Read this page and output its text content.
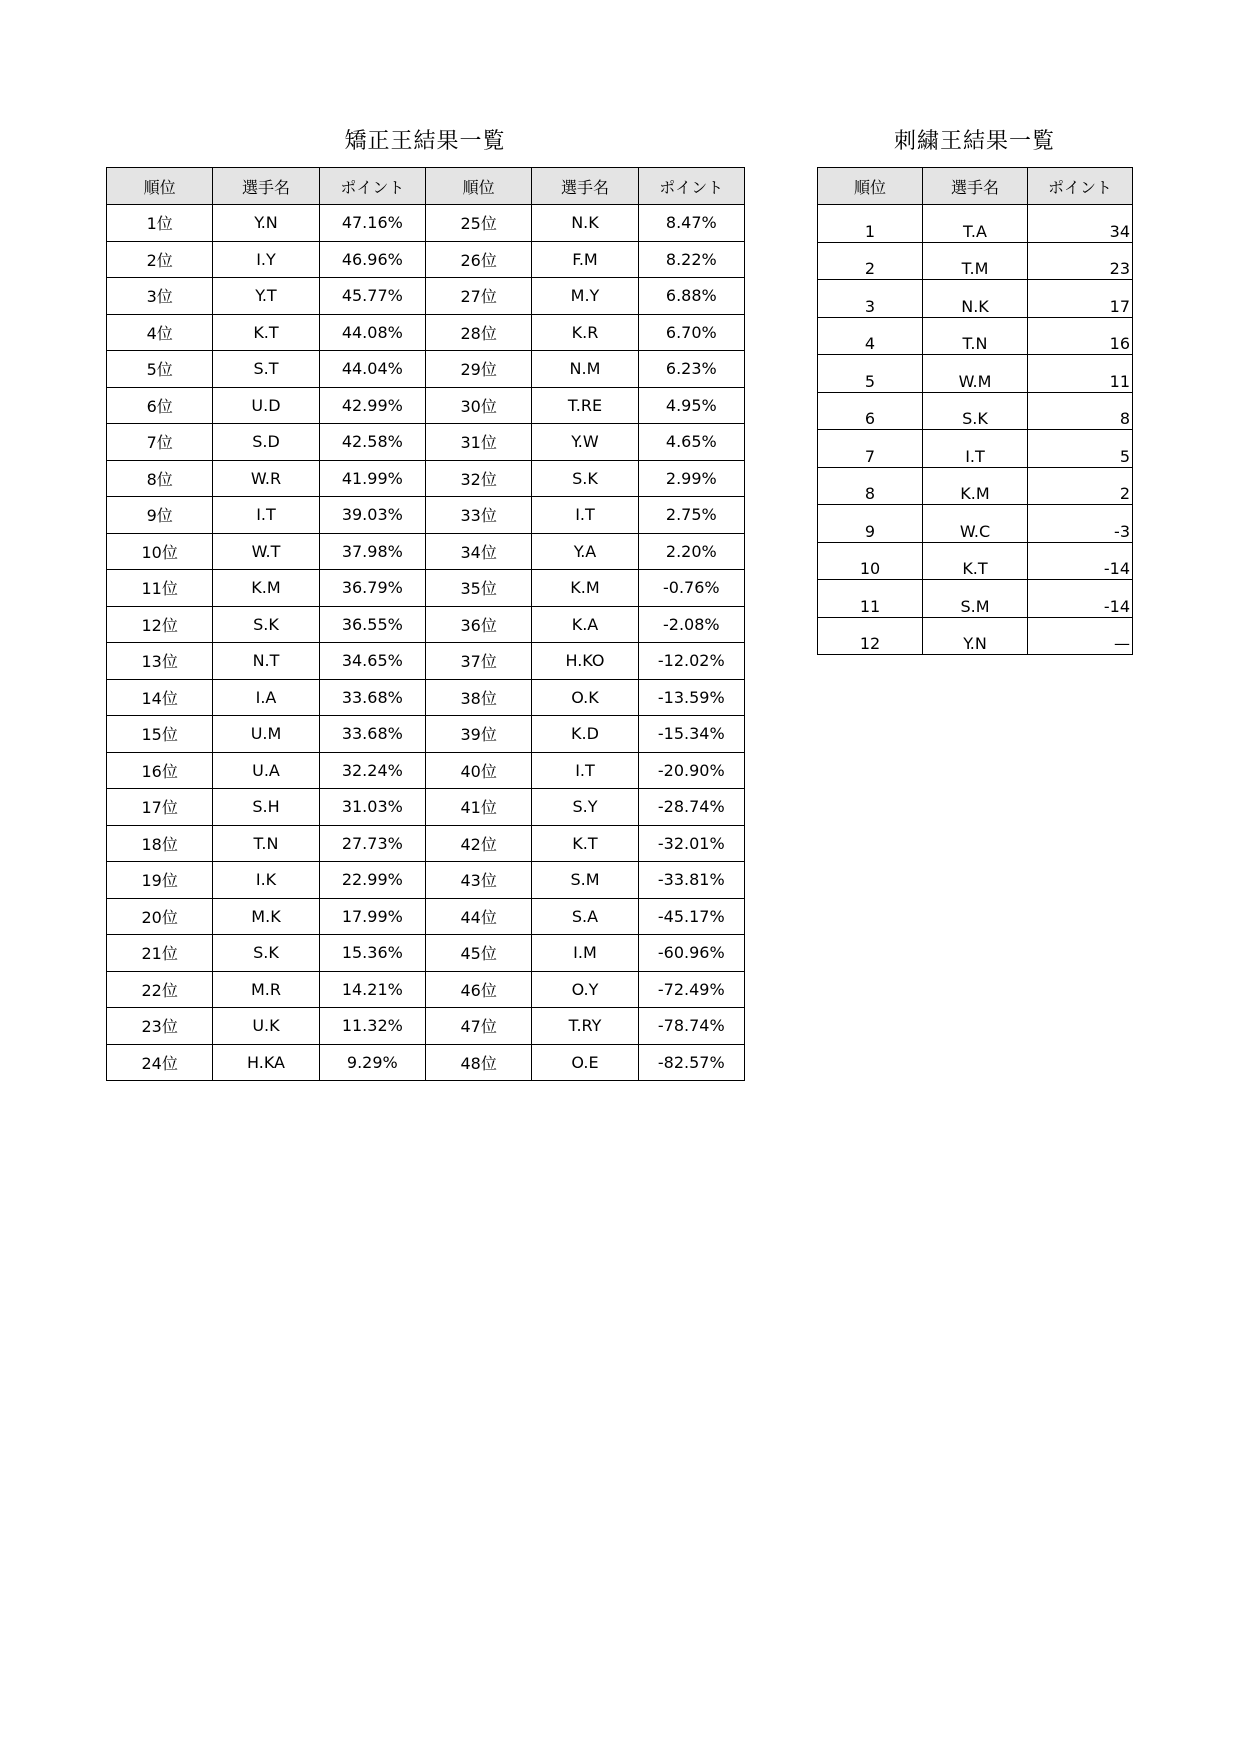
矯正王結果一覧
順位	選手名	ポイント	順位	選手名	ポイント
1位	Y.N	47.16%	25位	N.K	8.47%
2位	I.Y	46.96%	26位	F.M	8.22%
3位	Y.T	45.77%	27位	M.Y	6.88%
4位	K.T	44.08%	28位	K.R	6.70%
5位	S.T	44.04%	29位	N.M	6.23%
6位	U.D	42.99%	30位	T.RE	4.95%
7位	S.D	42.58%	31位	Y.W	4.65%
8位	W.R	41.99%	32位	S.K	2.99%
9位	I.T	39.03%	33位	I.T	2.75%
10位	W.T	37.98%	34位	Y.A	2.20%
11位	K.M	36.79%	35位	K.M	-0.76%
12位	S.K	36.55%	36位	K.A	-2.08%
13位	N.T	34.65%	37位	H.KO	-12.02%
14位	I.A	33.68%	38位	O.K	-13.59%
15位	U.M	33.68%	39位	K.D	-15.34%
16位	U.A	32.24%	40位	I.T	-20.90%
17位	S.H	31.03%	41位	S.Y	-28.74%
18位	T.N	27.73%	42位	K.T	-32.01%
19位	I.K	22.99%	43位	S.M	-33.81%
20位	M.K	17.99%	44位	S.A	-45.17%
21位	S.K	15.36%	45位	I.M	-60.96%
22位	M.R	14.21%	46位	O.Y	-72.49%
23位	U.K	11.32%	47位	T.RY	-78.74%
24位	H.KA	9.29%	48位	O.E	-82.57%
刺繍王結果一覧
順位	選手名	ポイント
1	T.A	34
2	T.M	23
3	N.K	17
4	T.N	16
5	W.M	11
6	S.K	8
7	I.T	5
8	K.M	2
9	W.C	-3
10	K.T	-14
11	S.M	-14
12	Y.N	—
